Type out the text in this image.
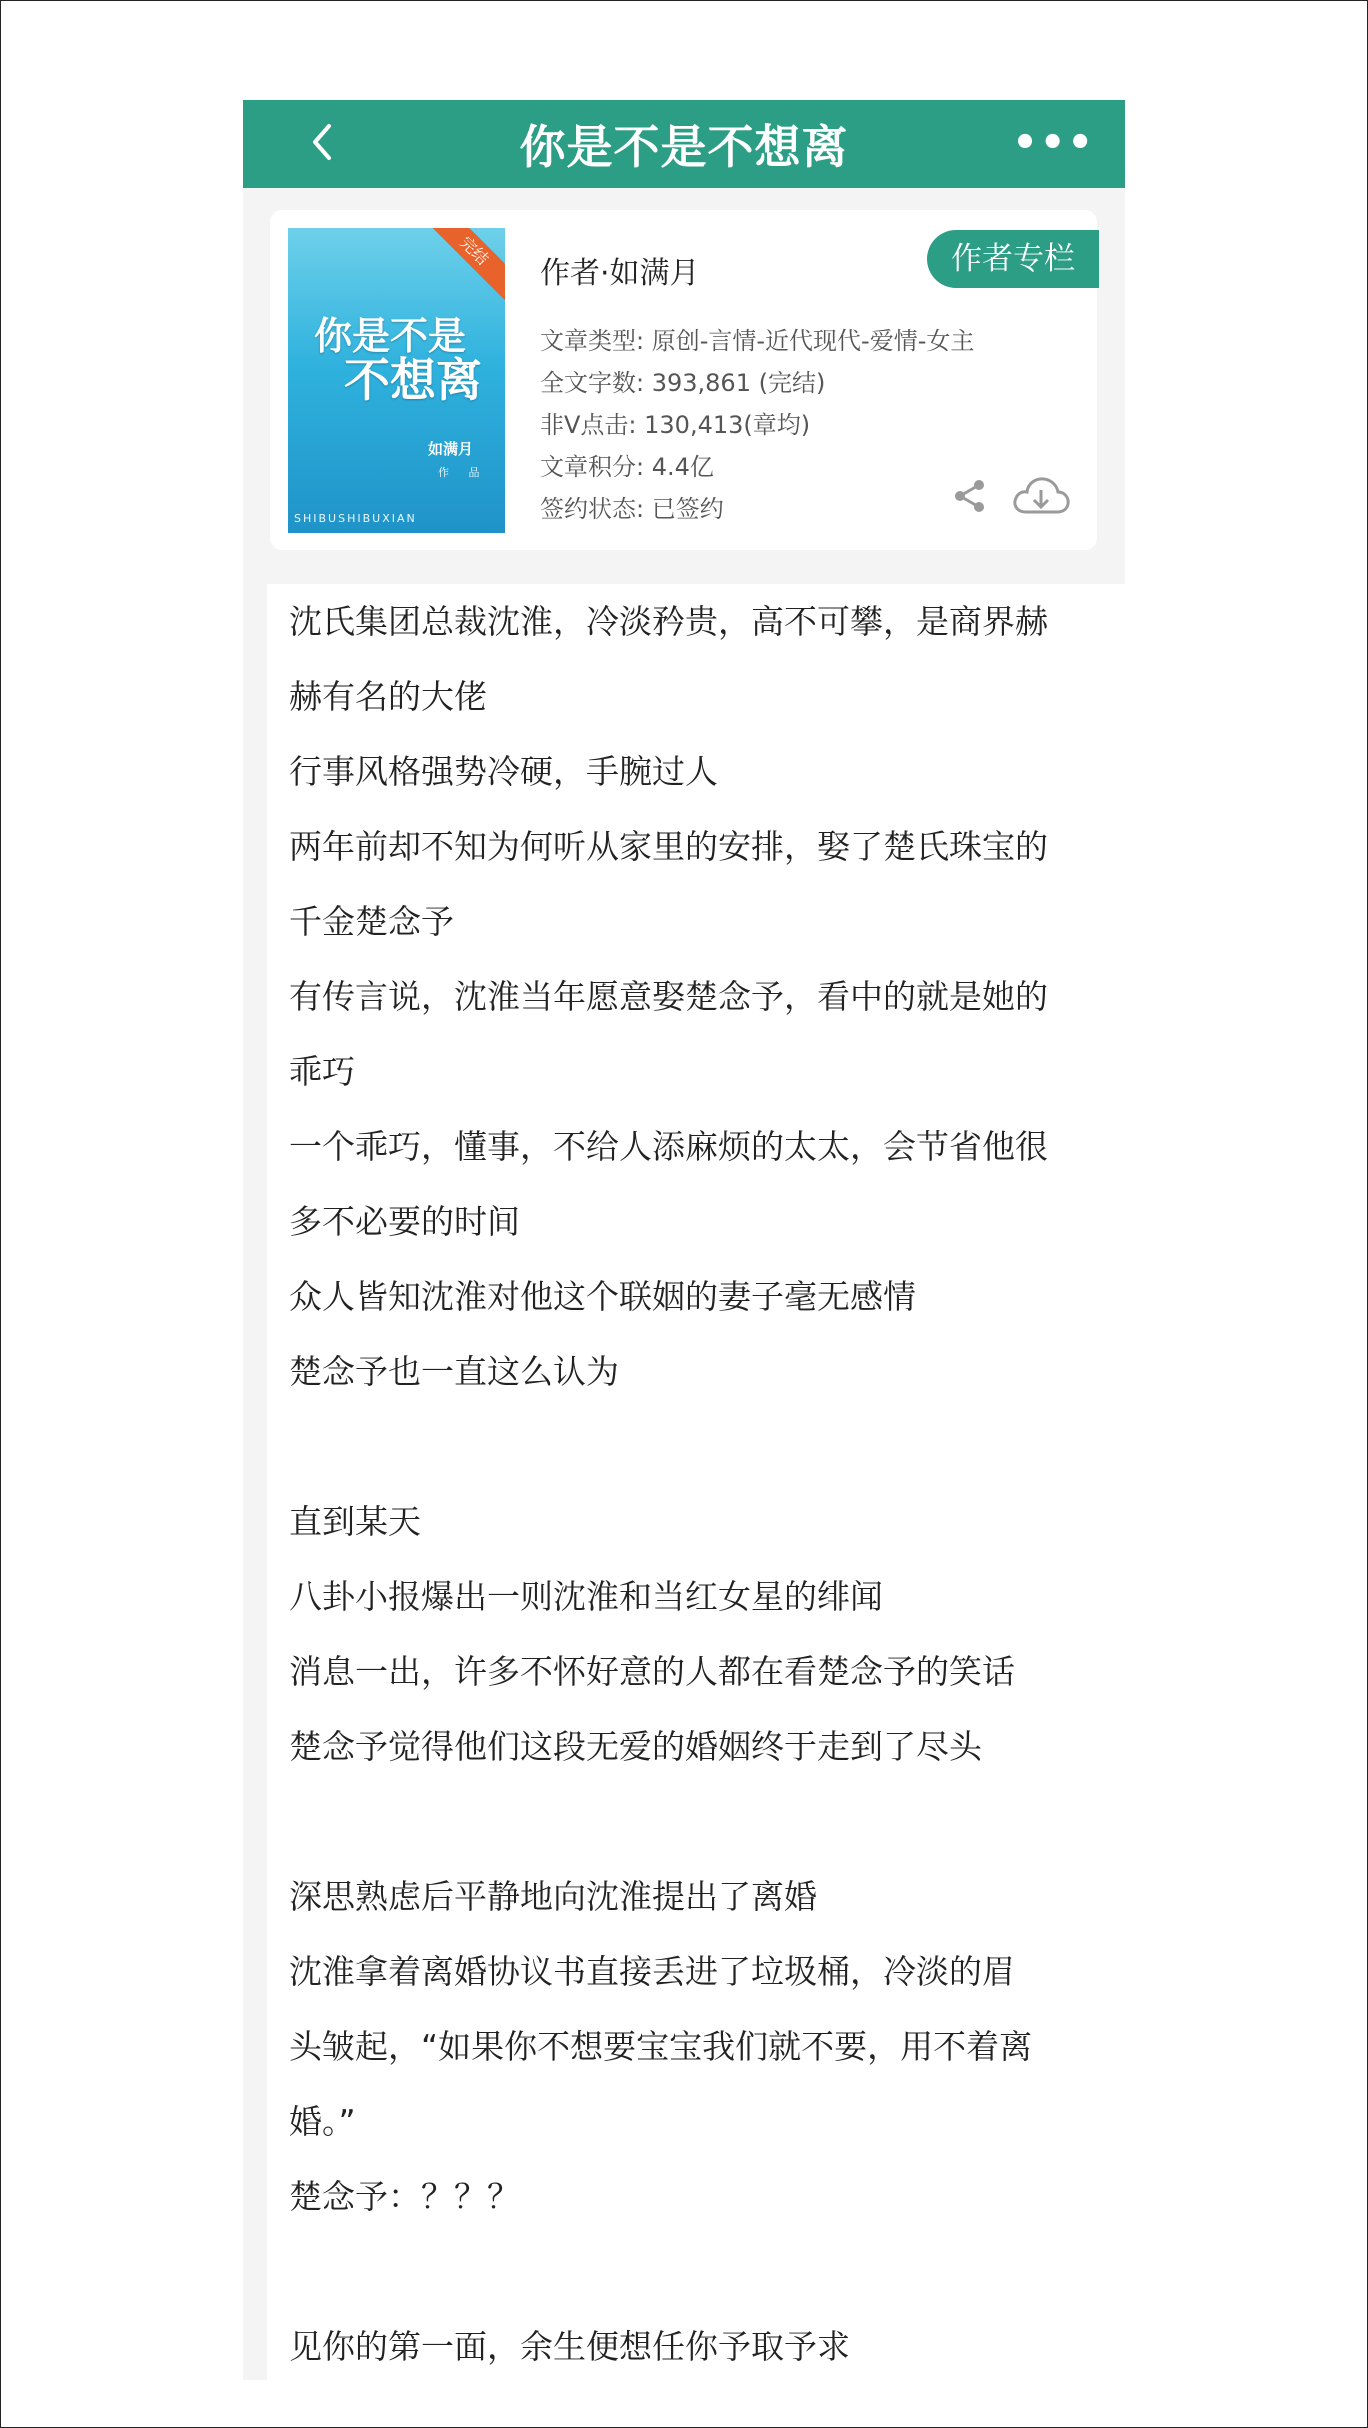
你是不是不想离	•••
完结
你是不是
不想离
如满月
作 品
SHIBUSHIBUXIAN
作者·如满月	作者专栏
文章类型: 原创-言情-近代现代-爱情-女主
全文字数: 393,861 (完结)
非Ⅴ点击: 130,413(章均)
文章积分: 4.4亿
签约状态: 已签约
沈氏集团总裁沈淮，冷淡矜贵，高不可攀，是商界赫
赫有名的大佬
行事风格强势冷硬，手腕过人
两年前却不知为何听从家里的安排，娶了楚氏珠宝的
千金楚念予
有传言说，沈淮当年愿意娶楚念予，看中的就是她的
乖巧
一个乖巧，懂事，不给人添麻烦的太太，会节省他很
多不必要的时间
众人皆知沈淮对他这个联姻的妻子毫无感情
楚念予也一直这么认为
直到某天
八卦小报爆出一则沈淮和当红女星的绯闻
消息一出，许多不怀好意的人都在看楚念予的笑话
楚念予觉得他们这段无爱的婚姻终于走到了尽头
深思熟虑后平静地向沈淮提出了离婚
沈淮拿着离婚协议书直接丢进了垃圾桶，冷淡的眉
头皱起，“如果你不想要宝宝我们就不要，用不着离
婚。”
楚念予：？？？
见你的第一面，余生便想任你予取予求
